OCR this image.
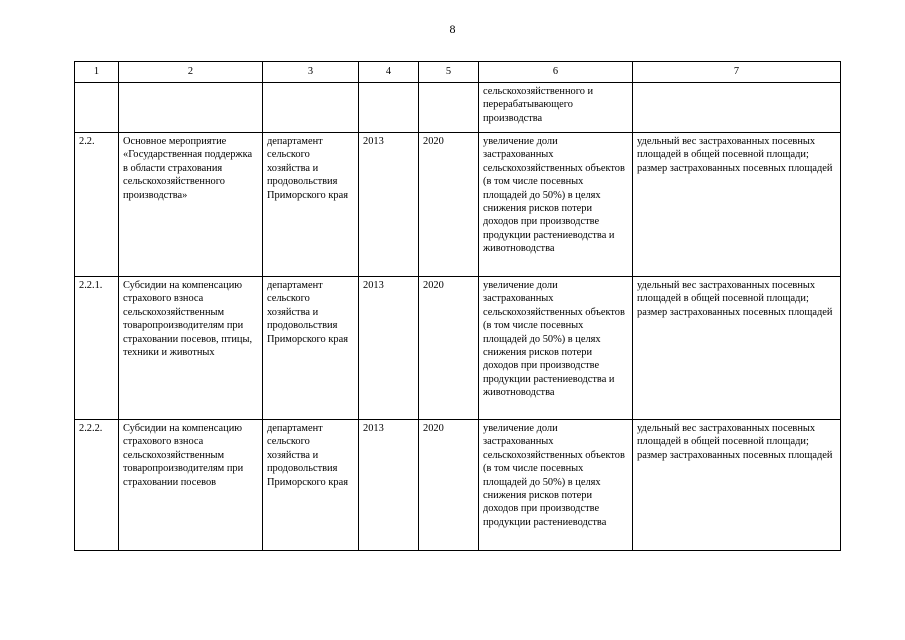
8
1	2	3	4	5	6	7
					сельскохозяйственного и перерабатывающего производства	
2.2.	Основное мероприятие «Государственная поддержка в области страхования сельскохозяйственного производства»	департамент сельского хозяйства и продовольствия Приморского края	2013	2020	увеличение доли застрахованных сельскохозяйственных объектов (в том числе посевных площадей до 50%) в целях снижения рисков потери доходов при производстве продукции растениеводства и животноводства	удельный вес застрахованных посевных площадей в общей посевной площади; размер застрахованных посевных площадей
2.2.1.	Субсидии на компенсацию страхового взноса сельскохозяйственным товаропроизводителям при страховании посевов, птицы, техники и животных	департамент сельского хозяйства и продовольствия Приморского края	2013	2020	увеличение доли застрахованных сельскохозяйственных объектов (в том числе посевных площадей до 50%) в целях снижения рисков потери доходов при производстве продукции растениеводства и животноводства	удельный вес застрахованных посевных площадей в общей посевной площади; размер застрахованных посевных площадей
2.2.2.	Субсидии на компенсацию страхового взноса сельскохозяйственным товаропроизводителям при страховании посевов	департамент сельского хозяйства и продовольствия Приморского края	2013	2020	увеличение доли застрахованных сельскохозяйственных объектов (в том числе посевных площадей до 50%) в целях снижения рисков потери доходов при производстве продукции растениеводства	удельный вес застрахованных посевных площадей в общей посевной площади; размер застрахованных посевных площадей
